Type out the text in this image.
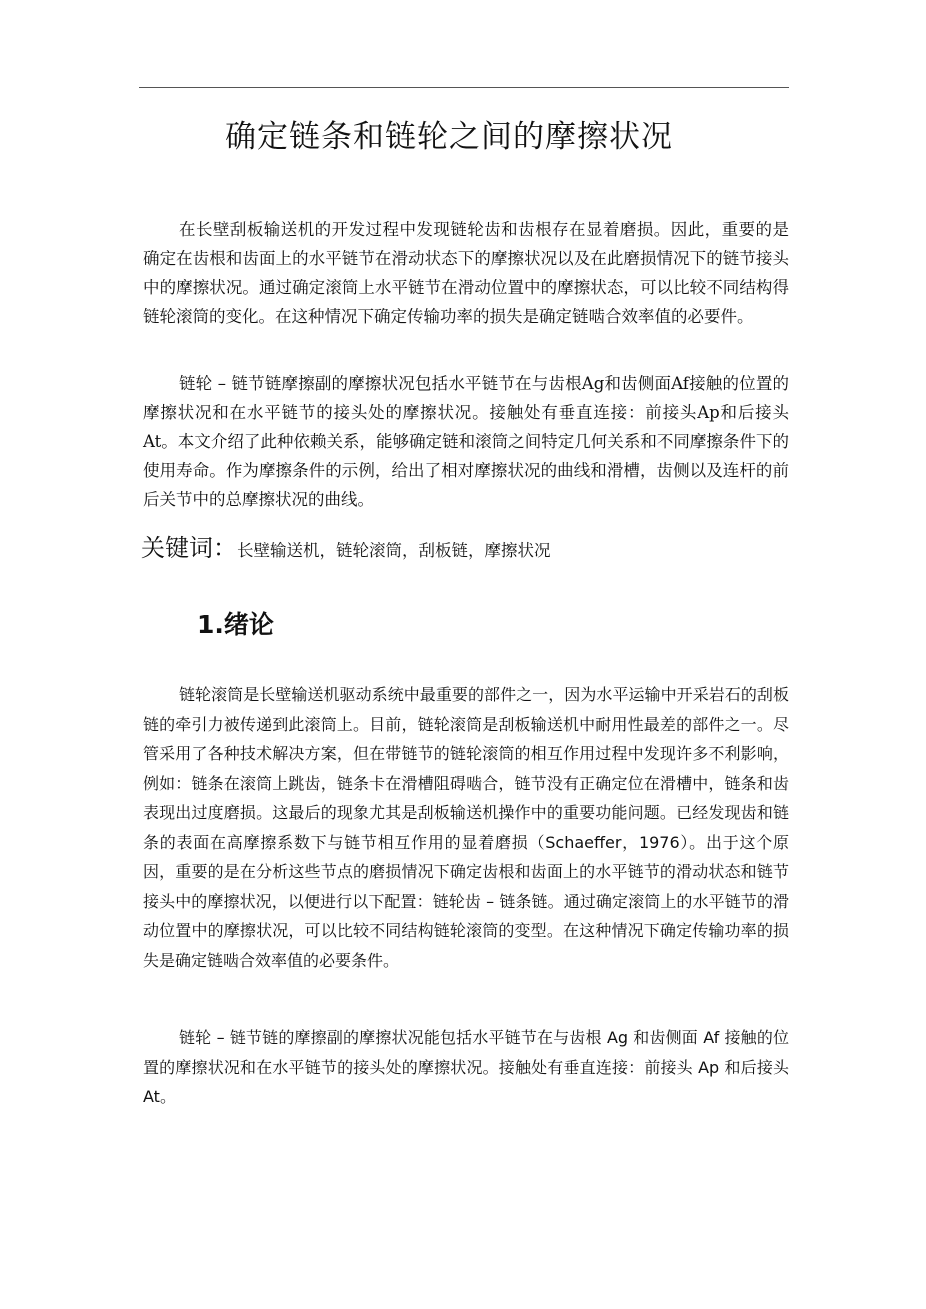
确定链条和链轮之间的摩擦状况

在长壁刮板输送机的开发过程中发现链轮齿和齿根存在显着磨损。因此，重要的是确定在齿根和齿面上的水平链节在滑动状态下的摩擦状况以及在此磨损情况下的链节接头中的摩擦状况。通过确定滚筒上水平链节在滑动位置中的摩擦状态，可以比较不同结构得链轮滚筒的变化。在这种情况下确定传输功率的损失是确定链啮合效率值的必要件。

链轮 – 链节链摩擦副的摩擦状况包括水平链节在与齿根Ag和齿侧面Af接触的位置的摩擦状况和在水平链节的接头处的摩擦状况。接触处有垂直连接：前接头Ap和后接头At。本文介绍了此种依赖关系，能够确定链和滚筒之间特定几何关系和不同摩擦条件下的使用寿命。作为摩擦条件的示例，给出了相对摩擦状况的曲线和滑槽，齿侧以及连杆的前后关节中的总摩擦状况的曲线。

关键词：长壁输送机，链轮滚筒，刮板链，摩擦状况

1.绪论

链轮滚筒是长壁输送机驱动系统中最重要的部件之一，因为水平运输中开采岩石的刮板链的牵引力被传递到此滚筒上。目前，链轮滚筒是刮板输送机中耐用性最差的部件之一。尽管采用了各种技术解决方案，但在带链节的链轮滚筒的相互作用过程中发现许多不利影响，例如：链条在滚筒上跳齿，链条卡在滑槽阻碍啮合，链节没有正确定位在滑槽中，链条和齿表现出过度磨损。这最后的现象尤其是刮板输送机操作中的重要功能问题。已经发现齿和链条的表面在高摩擦系数下与链节相互作用的显着磨损（Schaeffer，1976）。出于这个原因，重要的是在分析这些节点的磨损情况下确定齿根和齿面上的水平链节的滑动状态和链节接头中的摩擦状况，以便进行以下配置：链轮齿 – 链条链。通过确定滚筒上的水平链节的滑动位置中的摩擦状况，可以比较不同结构链轮滚筒的变型。在这种情况下确定传输功率的损失是确定链啮合效率值的必要条件。

链轮 – 链节链的摩擦副的摩擦状况能包括水平链节在与齿根 Ag 和齿侧面 Af 接触的位置的摩擦状况和在水平链节的接头处的摩擦状况。接触处有垂直连接：前接头 Ap 和后接头 At。
